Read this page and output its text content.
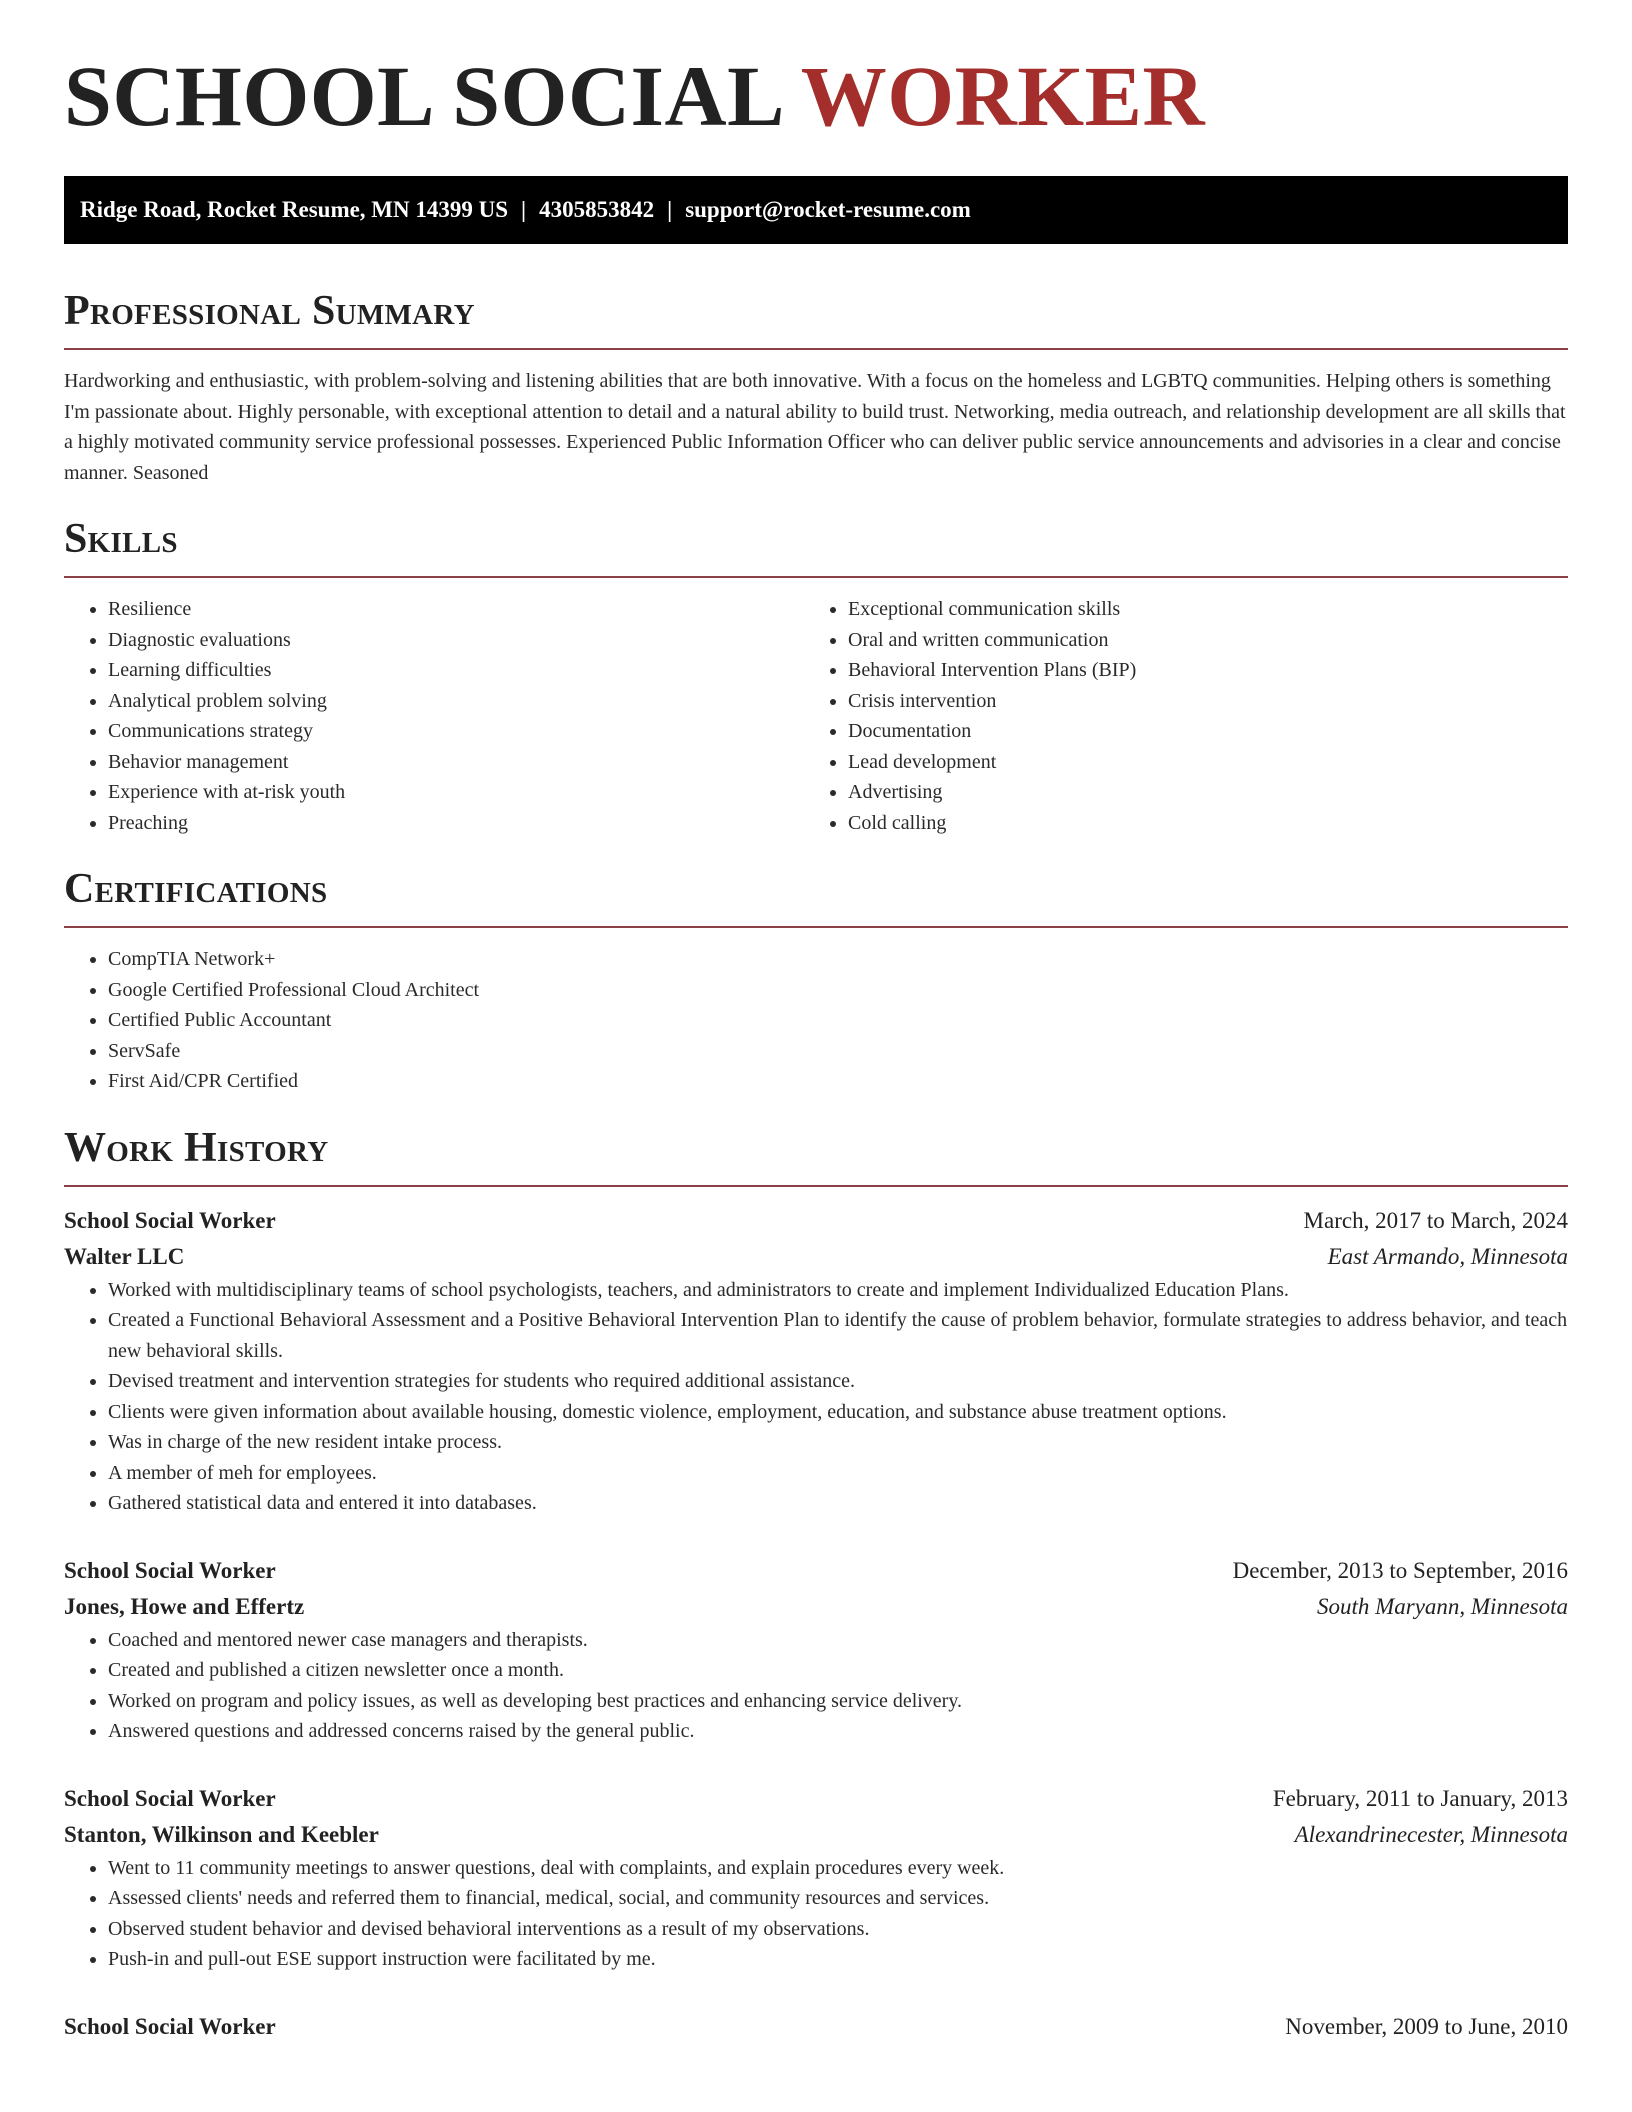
SCHOOL SOCIAL WORKER
Ridge Road, Rocket Resume, MN 14399 US | 4305853842 | support@rocket-resume.com
Professional Summary

Hardworking and enthusiastic, with problem-solving and listening abilities that are both innovative. With a focus on the homeless and LGBTQ communities. Helping others is something I'm passionate about. Highly personable, with exceptional attention to detail and a natural ability to build trust. Networking, media outreach, and relationship development are all skills that a highly motivated community service professional possesses. Experienced Public Information Officer who can deliver public service announcements and advisories in a clear and concise manner. Seasoned

Skills
• Resilience
• Diagnostic evaluations
• Learning difficulties
• Analytical problem solving
• Communications strategy
• Behavior management
• Experience with at-risk youth
• Preaching
• Exceptional communication skills
• Oral and written communication
• Behavioral Intervention Plans (BIP)
• Crisis intervention
• Documentation
• Lead development
• Advertising
• Cold calling
Certifications
• CompTIA Network+
• Google Certified Professional Cloud Architect
• Certified Public Accountant
• ServSafe
• First Aid/CPR Certified
Work History
School Social Worker	March, 2017 to March, 2024
Walter LLC	East Armando, Minnesota
• Worked with multidisciplinary teams of school psychologists, teachers, and administrators to create and implement Individualized Education Plans.
• Created a Functional Behavioral Assessment and a Positive Behavioral Intervention Plan to identify the cause of problem behavior, formulate strategies to address behavior, and teach new behavioral skills.
• Devised treatment and intervention strategies for students who required additional assistance.
• Clients were given information about available housing, domestic violence, employment, education, and substance abuse treatment options.
• Was in charge of the new resident intake process.
• A member of meh for employees.
• Gathered statistical data and entered it into databases.
School Social Worker	December, 2013 to September, 2016
Jones, Howe and Effertz	South Maryann, Minnesota
• Coached and mentored newer case managers and therapists.
• Created and published a citizen newsletter once a month.
• Worked on program and policy issues, as well as developing best practices and enhancing service delivery.
• Answered questions and addressed concerns raised by the general public.
School Social Worker	February, 2011 to January, 2013
Stanton, Wilkinson and Keebler	Alexandrinecester, Minnesota
• Went to 11 community meetings to answer questions, deal with complaints, and explain procedures every week.
• Assessed clients' needs and referred them to financial, medical, social, and community resources and services.
• Observed student behavior and devised behavioral interventions as a result of my observations.
• Push-in and pull-out ESE support instruction were facilitated by me.
School Social Worker	November, 2009 to June, 2010
